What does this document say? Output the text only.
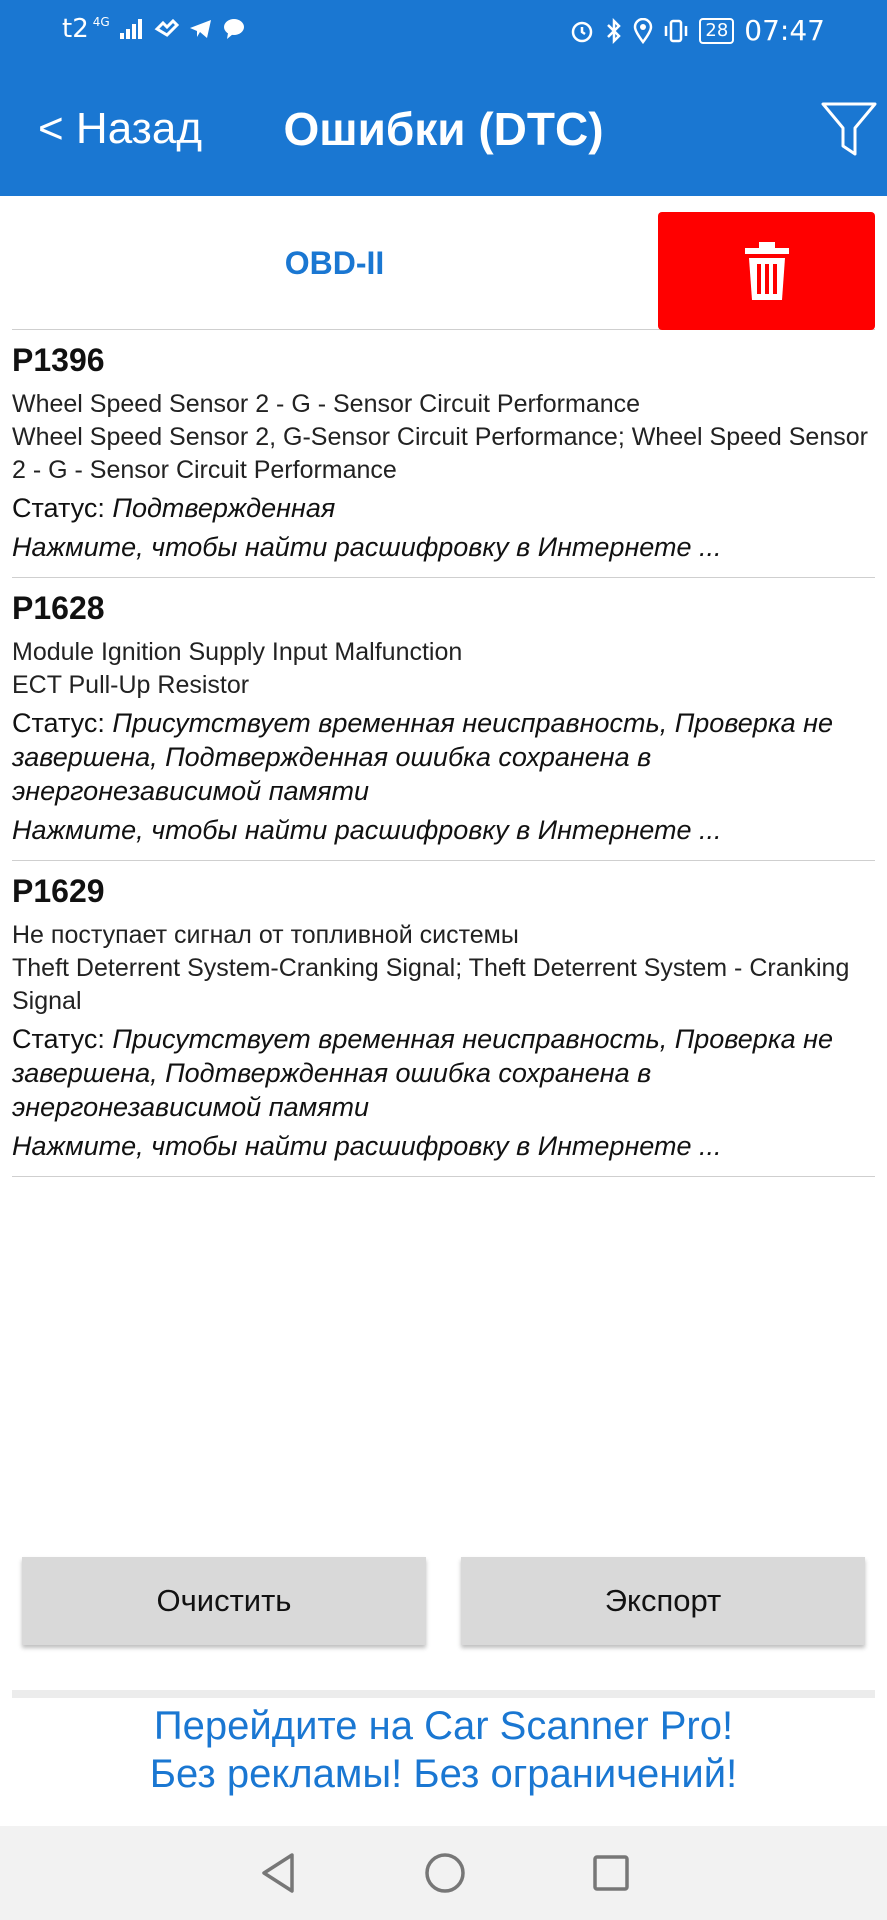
t2 4G	28 07:47
< Назад	Ошибки (DTC)
OBD-II
P1396
Wheel Speed Sensor 2 - G - Sensor Circuit Performance
Wheel Speed Sensor 2, G-Sensor Circuit Performance; Wheel Speed Sensor 2 - G - Sensor Circuit Performance
Статус: Подтвержденная
Нажмите, чтобы найти расшифровку в Интернете ...
P1628
Module Ignition Supply Input Malfunction
ECT Pull-Up Resistor
Статус: Присутствует временная неисправность, Проверка не завершена, Подтвержденная ошибка сохранена в энергонезависимой памяти
Нажмите, чтобы найти расшифровку в Интернете ...
P1629
Не поступает сигнал от топливной системы
Theft Deterrent System-Cranking Signal; Theft Deterrent System - Cranking Signal
Статус: Присутствует временная неисправность, Проверка не завершена, Подтвержденная ошибка сохранена в энергонезависимой памяти
Нажмите, чтобы найти расшифровку в Интернете ...
Очистить	Экспорт
Перейдите на Car Scanner Pro!
Без рекламы! Без ограничений!
